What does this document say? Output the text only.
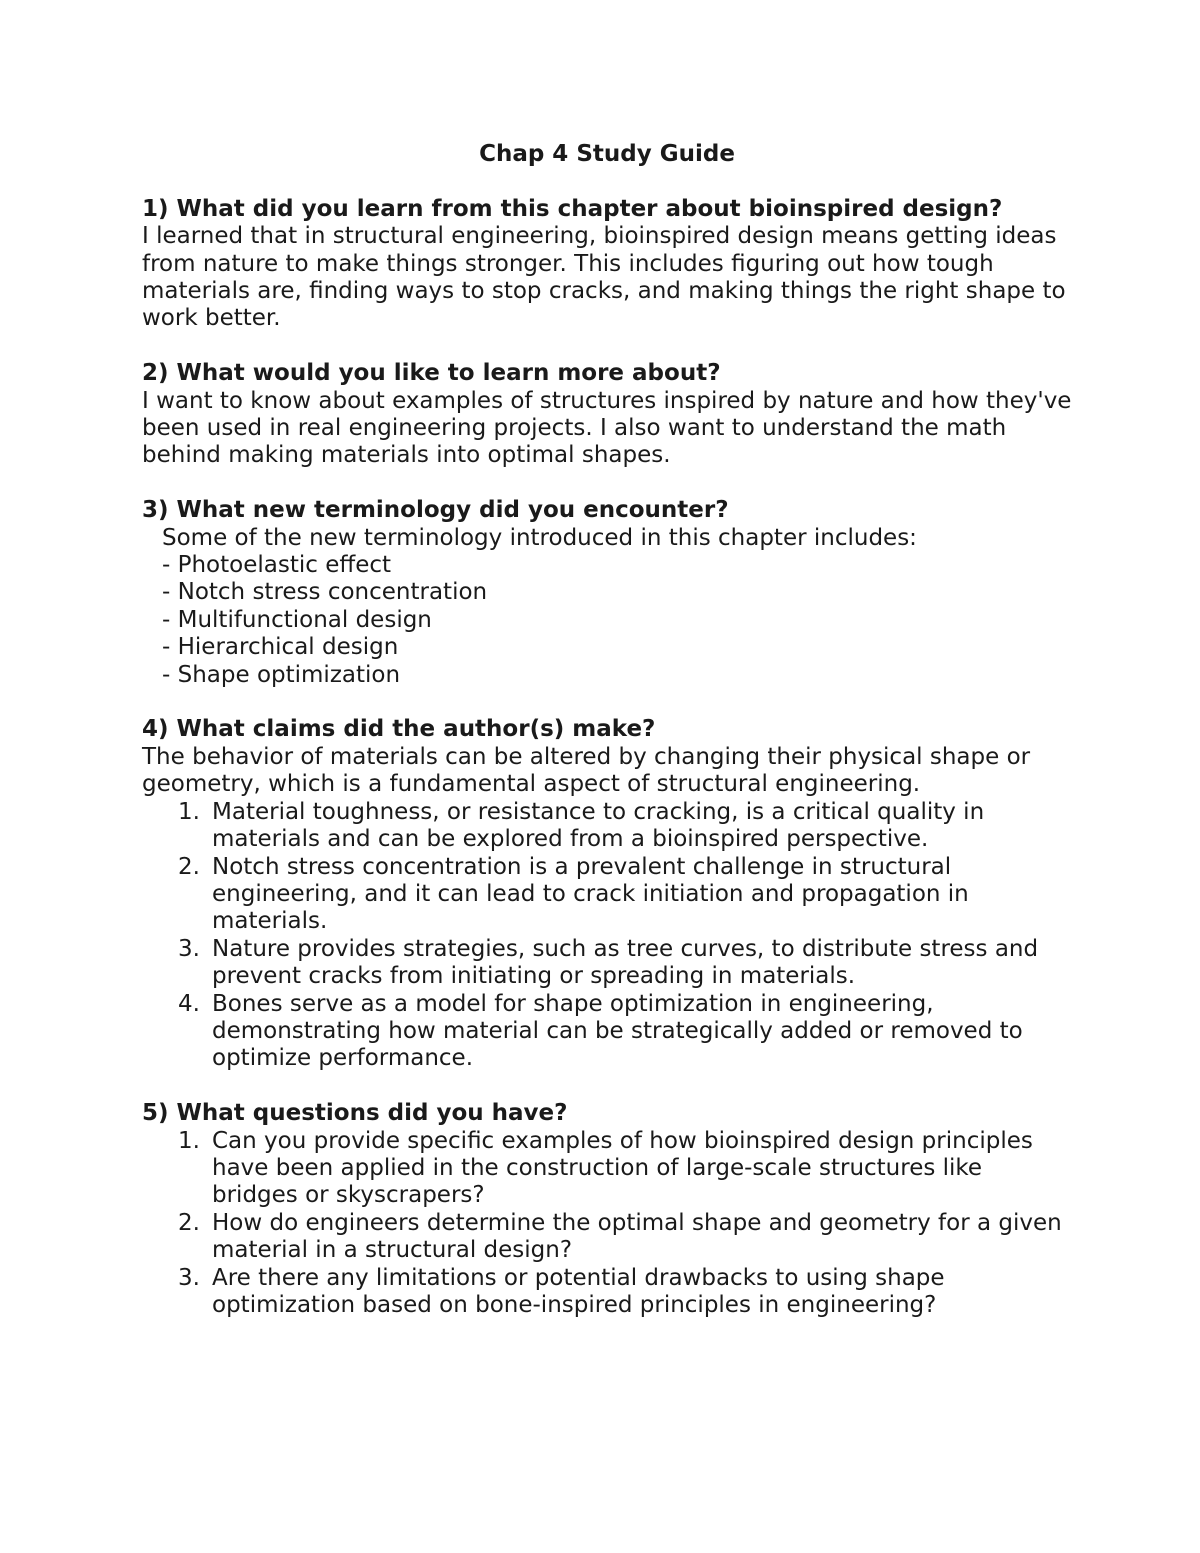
Chap 4 Study Guide

1) What did you learn from this chapter about bioinspired design?

I learned that in structural engineering, bioinspired design means getting ideas from nature to make things stronger. This includes figuring out how tough materials are, finding ways to stop cracks, and making things the right shape to work better.

2) What would you like to learn more about?

I want to know about examples of structures inspired by nature and how they've been used in real engineering projects. I also want to understand the math behind making materials into optimal shapes.

3) What new terminology did you encounter?

Some of the new terminology introduced in this chapter includes:

- Photoelastic effect
- Notch stress concentration
- Multifunctional design
- Hierarchical design
- Shape optimization

4) What claims did the author(s) make?

The behavior of materials can be altered by changing their physical shape or geometry, which is a fundamental aspect of structural engineering.

1. Material toughness, or resistance to cracking, is a critical quality in materials and can be explored from a bioinspired perspective.
2. Notch stress concentration is a prevalent challenge in structural engineering, and it can lead to crack initiation and propagation in materials.
3. Nature provides strategies, such as tree curves, to distribute stress and prevent cracks from initiating or spreading in materials.
4. Bones serve as a model for shape optimization in engineering, demonstrating how material can be strategically added or removed to optimize performance.

5) What questions did you have?

1. Can you provide specific examples of how bioinspired design principles have been applied in the construction of large-scale structures like bridges or skyscrapers?
2. How do engineers determine the optimal shape and geometry for a given material in a structural design?
3. Are there any limitations or potential drawbacks to using shape optimization based on bone-inspired principles in engineering?
